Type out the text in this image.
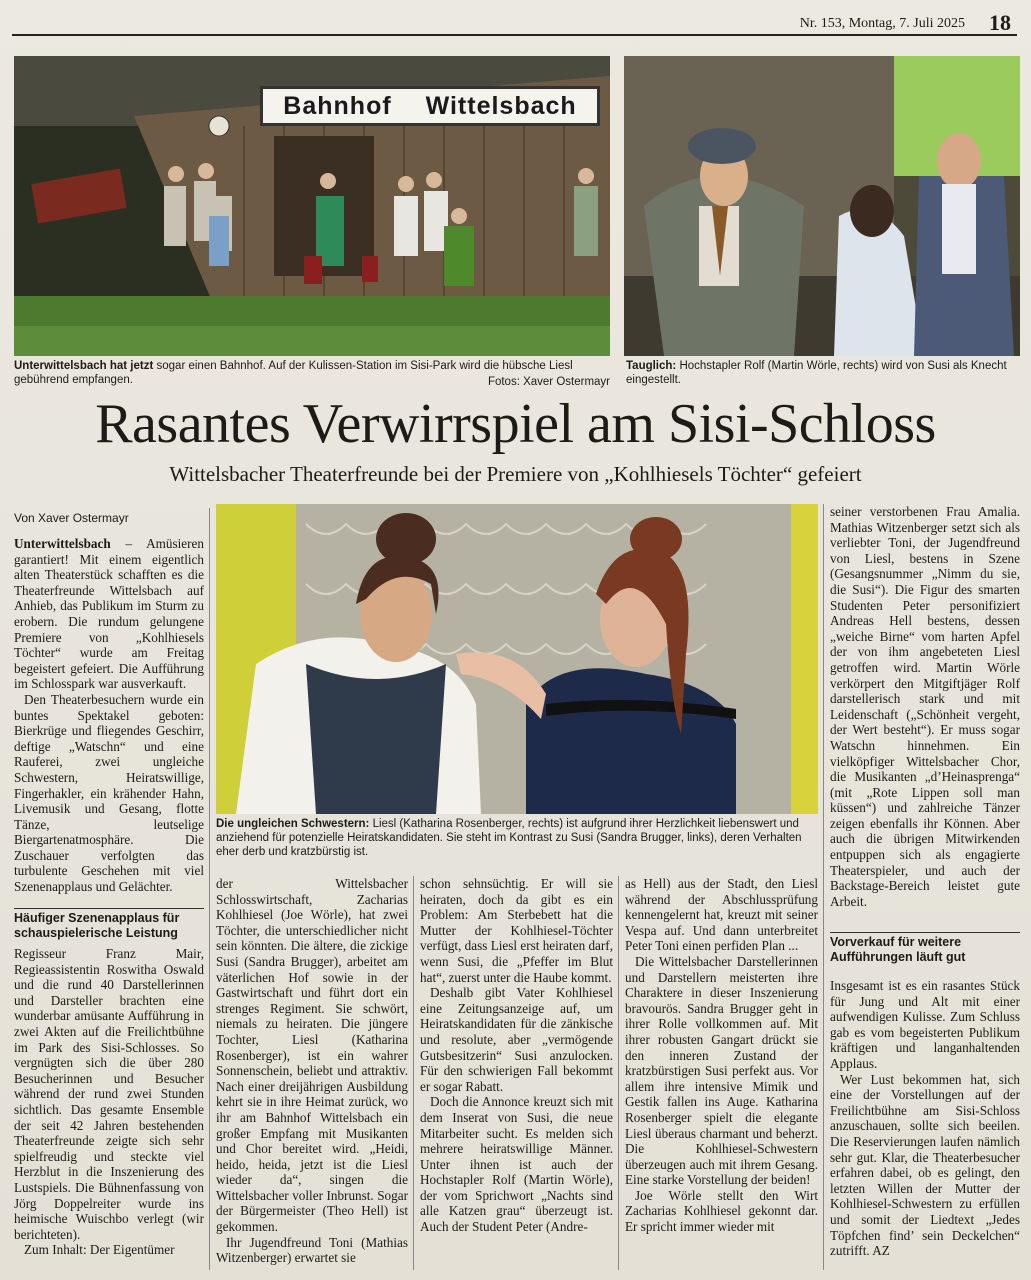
Nr. 153, Montag, 7. Juli 2025 18
Bahnhof Wittelsbach
Unterwittelsbach hat jetzt sogar einen Bahnhof. Auf der Kulissen-Station im Sisi-Park wird die hübsche Liesl gebührend empfangen.	Fotos: Xaver Ostermayr
Tauglich: Hochstapler Rolf (Martin Wörle, rechts) wird von Susi als Knecht eingestellt.
Rasantes Verwirrspiel am Sisi-Schloss
Wittelsbacher Theaterfreunde bei der Premiere von „Kohlhiesels Töchter“ gefeiert
Von Xaver Ostermayr

Unterwittelsbach – Amüsieren garantiert! Mit einem eigentlich alten Theaterstück schafften es die Theaterfreunde Wittelsbach auf Anhieb, das Publikum im Sturm zu erobern. Die rundum gelungene Premiere von „Kohlhiesels Töchter“ wurde am Freitag begeistert gefeiert. Die Aufführung im Schlosspark war ausverkauft.

Den Theaterbesuchern wurde ein buntes Spektakel geboten: Bierkrüge und fliegendes Geschirr, deftige „Watschn“ und eine Rauferei, zwei ungleiche Schwestern, Heiratswillige, Fingerhakler, ein krähender Hahn, Livemusik und Gesang, flotte Tänze, leutselige Biergartenatmosphäre. Die Zuschauer verfolgten das turbulente Geschehen mit viel Szenenapplaus und Gelächter.

Häufiger Szenenapplaus für schauspielerische Leistung

Regisseur Franz Mair, Regieassistentin Roswitha Oswald und die rund 40 Darstellerinnen und Darsteller brachten eine wunderbar amüsante Aufführung in zwei Akten auf die Freilichtbühne im Park des Sisi-Schlosses. So vergnügten sich die über 280 Besucherinnen und Besucher während der rund zwei Stunden sichtlich. Das gesamte Ensemble der seit 42 Jahren bestehenden Theaterfreunde zeigte sich sehr spielfreudig und steckte viel Herzblut in die Inszenierung des Lustspiels. Die Bühnenfassung von Jörg Doppelreiter wurde ins heimische Wuischbo verlegt (wir berichteten).

Zum Inhalt: Der Eigentümer

Die ungleichen Schwestern: Liesl (Katharina Rosenberger, rechts) ist aufgrund ihrer Herzlichkeit liebenswert und anziehend für potenzielle Heiratskandidaten. Sie steht im Kontrast zu Susi (Sandra Brugger, links), deren Verhalten eher derb und kratzbürstig ist.

der Wittelsbacher Schlosswirtschaft, Zacharias Kohlhiesel (Joe Wörle), hat zwei Töchter, die unterschiedlicher nicht sein könnten. Die ältere, die zickige Susi (Sandra Brugger), arbeitet am väterlichen Hof sowie in der Gastwirtschaft und führt dort ein strenges Regiment. Sie schwört, niemals zu heiraten. Die jüngere Tochter, Liesl (Katharina Rosenberger), ist ein wahrer Sonnenschein, beliebt und attraktiv. Nach einer dreijährigen Ausbildung kehrt sie in ihre Heimat zurück, wo ihr am Bahnhof Wittelsbach ein großer Empfang mit Musikanten und Chor bereitet wird. „Heidi, heido, heida, jetzt ist die Liesl wieder da“, singen die Wittelsbacher voller Inbrunst. Sogar der Bürgermeister (Theo Hell) ist gekommen.

Ihr Jugendfreund Toni (Mathias Witzenberger) erwartet sie

schon sehnsüchtig. Er will sie heiraten, doch da gibt es ein Problem: Am Sterbebett hat die Mutter der Kohlhiesel-Töchter verfügt, dass Liesl erst heiraten darf, wenn Susi, die „Pfeffer im Blut hat“, zuerst unter die Haube kommt.

Deshalb gibt Vater Kohlhiesel eine Zeitungsanzeige auf, um Heiratskandidaten für die zänkische und resolute, aber „vermögende Gutsbesitzerin“ Susi anzulocken. Für den schwierigen Fall bekommt er sogar Rabatt.

Doch die Annonce kreuzt sich mit dem Inserat von Susi, die neue Mitarbeiter sucht. Es melden sich mehrere heiratswillige Männer. Unter ihnen ist auch der Hochstapler Rolf (Martin Wörle), der vom Sprichwort „Nachts sind alle Katzen grau“ überzeugt ist. Auch der Student Peter (Andre-

as Hell) aus der Stadt, den Liesl während der Abschlussprüfung kennengelernt hat, kreuzt mit seiner Vespa auf. Und dann unterbreitet Peter Toni einen perfiden Plan ...

Die Wittelsbacher Darstellerinnen und Darstellern meisterten ihre Charaktere in dieser Inszenierung bravourös. Sandra Brugger geht in ihrer Rolle vollkommen auf. Mit ihrer robusten Gangart drückt sie den inneren Zustand der kratzbürstigen Susi perfekt aus. Vor allem ihre intensive Mimik und Gestik fallen ins Auge. Katharina Rosenberger spielt die elegante Liesl überaus charmant und beherzt. Die Kohlhiesel-Schwestern überzeugen auch mit ihrem Gesang. Eine starke Vorstellung der beiden!

Joe Wörle stellt den Wirt Zacharias Kohlhiesel gekonnt dar. Er spricht immer wieder mit

seiner verstorbenen Frau Amalia. Mathias Witzenberger setzt sich als verliebter Toni, der Jugendfreund von Liesl, bestens in Szene (Gesangsnummer „Nimm du sie, die Susi“). Die Figur des smarten Studenten Peter personifiziert Andreas Hell bestens, dessen „weiche Birne“ vom harten Apfel der von ihm angebeteten Liesl getroffen wird. Martin Wörle verkörpert den Mitgiftjäger Rolf darstellerisch stark und mit Leidenschaft („Schönheit vergeht, der Wert besteht“). Er muss sogar Watschn hinnehmen. Ein vielköpfiger Wittelsbacher Chor, die Musikanten „d’Heinasprenga“ (mit „Rote Lippen soll man küssen“) und zahlreiche Tänzer zeigen ebenfalls ihr Können. Aber auch die übrigen Mitwirkenden entpuppen sich als engagierte Theaterspieler, und auch der Backstage-Bereich leistet gute Arbeit.

Vorverkauf für weitere Aufführungen läuft gut

Insgesamt ist es ein rasantes Stück für Jung und Alt mit einer aufwendigen Kulisse. Zum Schluss gab es vom begeisterten Publikum kräftigen und langanhaltenden Applaus.

Wer Lust bekommen hat, sich eine der Vorstellungen auf der Freilichtbühne am Sisi-Schloss anzuschauen, sollte sich beeilen. Die Reservierungen laufen nämlich sehr gut. Klar, die Theaterbesucher erfahren dabei, ob es gelingt, den letzten Willen der Mutter der Kohlhiesel-Schwestern zu erfüllen und somit der Liedtext „Jedes Töpfchen find’ sein Deckelchen“ zutrifft. AZ
